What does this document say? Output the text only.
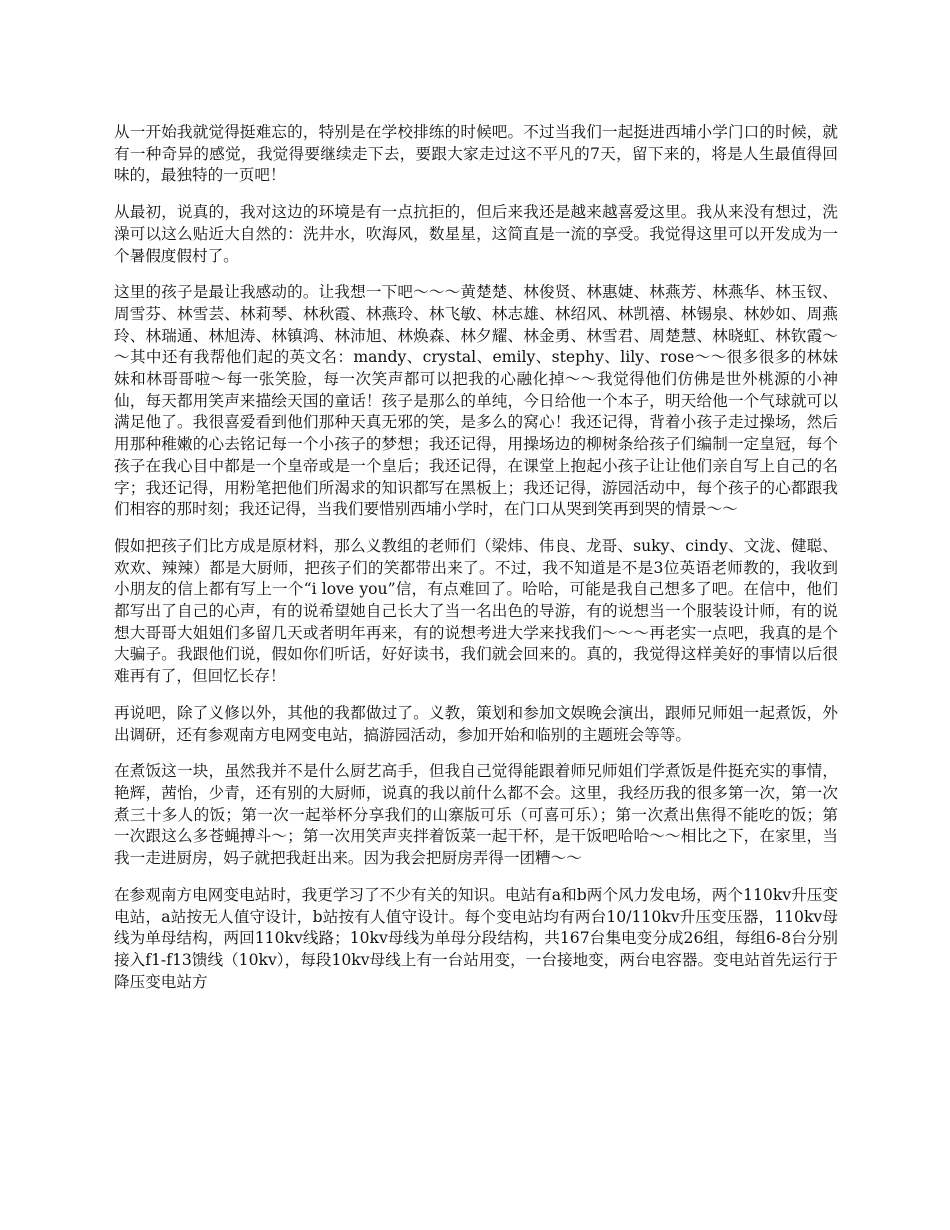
从一开始我就觉得挺难忘的，特别是在学校排练的时候吧。不过当我们一起挺进西埔小学门口的时候，就有一种奇异的感觉，我觉得要继续走下去，要跟大家走过这不平凡的7天，留下来的，将是人生最值得回味的，最独特的一页吧！

从最初，说真的，我对这边的环境是有一点抗拒的，但后来我还是越来越喜爱这里。我从来没有想过，洗澡可以这么贴近大自然的：洗井水，吹海风，数星星，这简直是一流的享受。我觉得这里可以开发成为一个暑假度假村了。

这里的孩子是最让我感动的。让我想一下吧～～～黄楚楚、林俊贤、林惠婕、林燕芳、林燕华、林玉钗、周雪芬、林雪芸、林莉琴、林秋霞、林燕玲、林飞敏、林志雄、林绍风、林凯禧、林锡泉、林妙如、周燕玲、林瑞通、林旭涛、林镇鸿、林沛旭、林焕森、林夕耀、林金勇、林雪君、周楚慧、林晓虹、林钦霞～～其中还有我帮他们起的英文名：mandy、crystal、emily、stephy、lily、rose～～很多很多的林妹妹和林哥哥啦～每一张笑脸，每一次笑声都可以把我的心融化掉～～我觉得他们仿佛是世外桃源的小神仙，每天都用笑声来描绘天国的童话！孩子是那么的单纯，今日给他一个本子，明天给他一个气球就可以满足他了。我很喜爱看到他们那种天真无邪的笑，是多么的窝心！我还记得，背着小孩子走过操场，然后用那种稚嫩的心去铭记每一个小孩子的梦想；我还记得，用操场边的柳树条给孩子们编制一定皇冠，每个孩子在我心目中都是一个皇帝或是一个皇后；我还记得，在课堂上抱起小孩子让让他们亲自写上自己的名字；我还记得，用粉笔把他们所渴求的知识都写在黑板上；我还记得，游园活动中，每个孩子的心都跟我们相容的那时刻；我还记得，当我们要惜别西埔小学时，在门口从哭到笑再到哭的情景～～

假如把孩子们比方成是原材料，那么义教组的老师们（梁炜、伟良、龙哥、suky、cindy、文泷、健聪、欢欢、辣辣）都是大厨师，把孩子们的笑都带出来了。不过，我不知道是不是3位英语老师教的，我收到小朋友的信上都有写上一个“i love you”信，有点难回了。哈哈，可能是我自己想多了吧。在信中，他们都写出了自己的心声，有的说希望她自己长大了当一名出色的导游，有的说想当一个服装设计师，有的说想大哥哥大姐姐们多留几天或者明年再来，有的说想考进大学来找我们～～～再老实一点吧，我真的是个大骗子。我跟他们说，假如你们听话，好好读书，我们就会回来的。真的，我觉得这样美好的事情以后很难再有了，但回忆长存！

再说吧，除了义修以外，其他的我都做过了。义教，策划和参加文娱晚会演出，跟师兄师姐一起煮饭，外出调研，还有参观南方电网变电站，搞游园活动，参加开始和临别的主题班会等等。

在煮饭这一块，虽然我并不是什么厨艺高手，但我自己觉得能跟着师兄师姐们学煮饭是件挺充实的事情，艳辉，茜怡，少青，还有别的大厨师，说真的我以前什么都不会。这里，我经历我的很多第一次，第一次煮三十多人的饭；第一次一起举杯分享我们的山寨版可乐（可喜可乐）；第一次煮出焦得不能吃的饭；第一次跟这么多苍蝇搏斗～；第一次用笑声夹拌着饭菜一起干杯，是干饭吧哈哈～～相比之下，在家里，当我一走进厨房，妈子就把我赶出来。因为我会把厨房弄得一团糟～～

在参观南方电网变电站时，我更学习了不少有关的知识。电站有a和b两个风力发电场，两个110kv升压变电站，a站按无人值守设计，b站按有人值守设计。每个变电站均有两台10/110kv升压变压器，110kv母线为单母结构，两回110kv线路；10kv母线为单母分段结构，共167台集电变分成26组，每组6-8台分别接入f1-f13馈线（10kv），每段10kv母线上有一台站用变，一台接地变，两台电容器。变电站首先运行于降压变电站方
